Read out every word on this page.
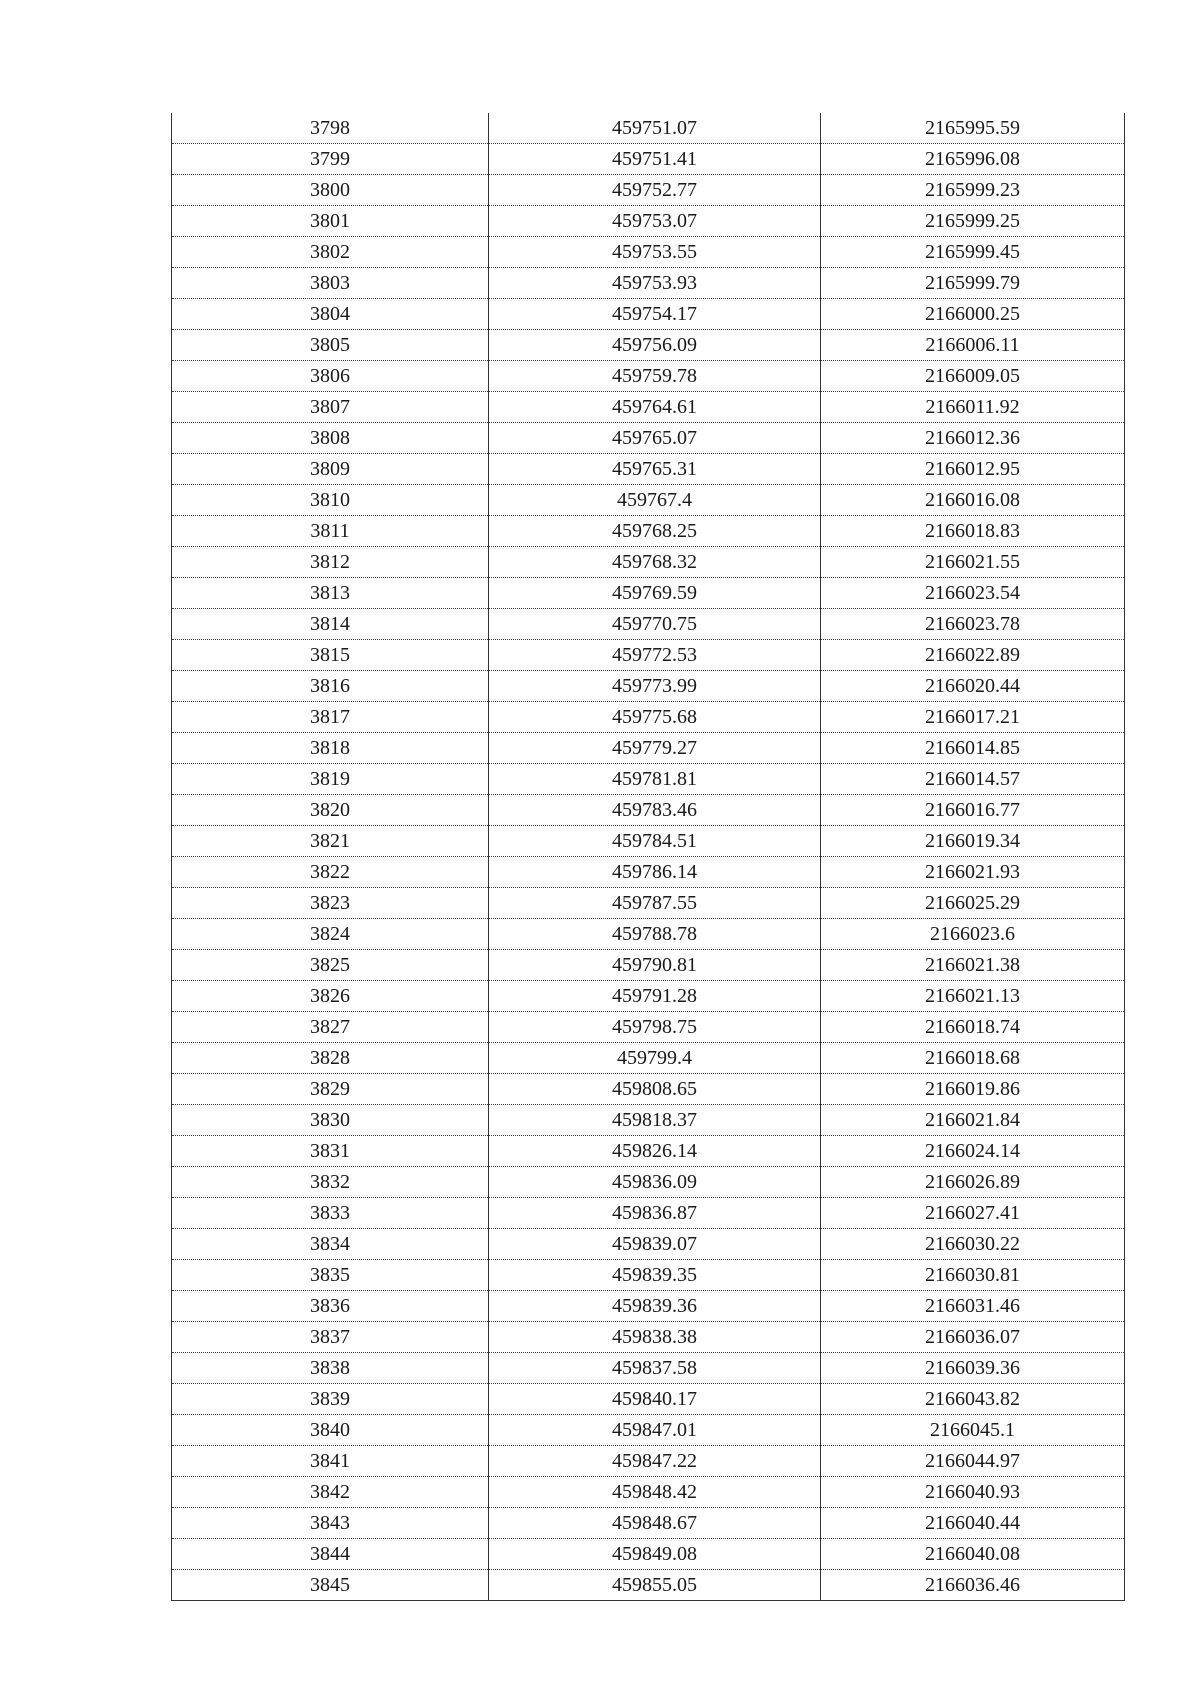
3798	459751.07	2165995.59
3799	459751.41	2165996.08
3800	459752.77	2165999.23
3801	459753.07	2165999.25
3802	459753.55	2165999.45
3803	459753.93	2165999.79
3804	459754.17	2166000.25
3805	459756.09	2166006.11
3806	459759.78	2166009.05
3807	459764.61	2166011.92
3808	459765.07	2166012.36
3809	459765.31	2166012.95
3810	459767.4	2166016.08
3811	459768.25	2166018.83
3812	459768.32	2166021.55
3813	459769.59	2166023.54
3814	459770.75	2166023.78
3815	459772.53	2166022.89
3816	459773.99	2166020.44
3817	459775.68	2166017.21
3818	459779.27	2166014.85
3819	459781.81	2166014.57
3820	459783.46	2166016.77
3821	459784.51	2166019.34
3822	459786.14	2166021.93
3823	459787.55	2166025.29
3824	459788.78	2166023.6
3825	459790.81	2166021.38
3826	459791.28	2166021.13
3827	459798.75	2166018.74
3828	459799.4	2166018.68
3829	459808.65	2166019.86
3830	459818.37	2166021.84
3831	459826.14	2166024.14
3832	459836.09	2166026.89
3833	459836.87	2166027.41
3834	459839.07	2166030.22
3835	459839.35	2166030.81
3836	459839.36	2166031.46
3837	459838.38	2166036.07
3838	459837.58	2166039.36
3839	459840.17	2166043.82
3840	459847.01	2166045.1
3841	459847.22	2166044.97
3842	459848.42	2166040.93
3843	459848.67	2166040.44
3844	459849.08	2166040.08
3845	459855.05	2166036.46
